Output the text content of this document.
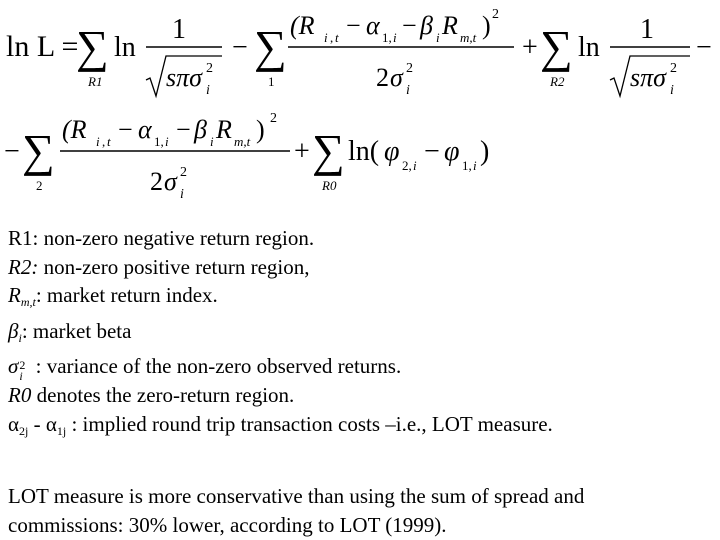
ln L =
∑
R1
ln
1
sπσ 2
i
− ∑
1
(R i , t − α 1, i − β i R m,t ) 2
2 σ 2
i
+ ∑
R2
ln
1
sπσ 2
i
−
− ∑
2
(R i , t − α 1, i − β i R m,t ) 2
2 σ 2
i
+ ∑
R0
ln( φ 2, i − φ 1, i )
R1: non-zero negative return region.
R2: non-zero positive return region,
$R_{m,t}$: market return index.
$\beta_i$: market beta
σ 2
i : variance of the non-zero observed returns.
R0 denotes the zero-return region.
$\alpha_{2j} - \alpha_{1j}$ : implied round trip transaction costs –i.e., LOT measure.
LOT measure is more conservative than using the sum of spread and
commissions: 30% lower, according to LOT (1999).
